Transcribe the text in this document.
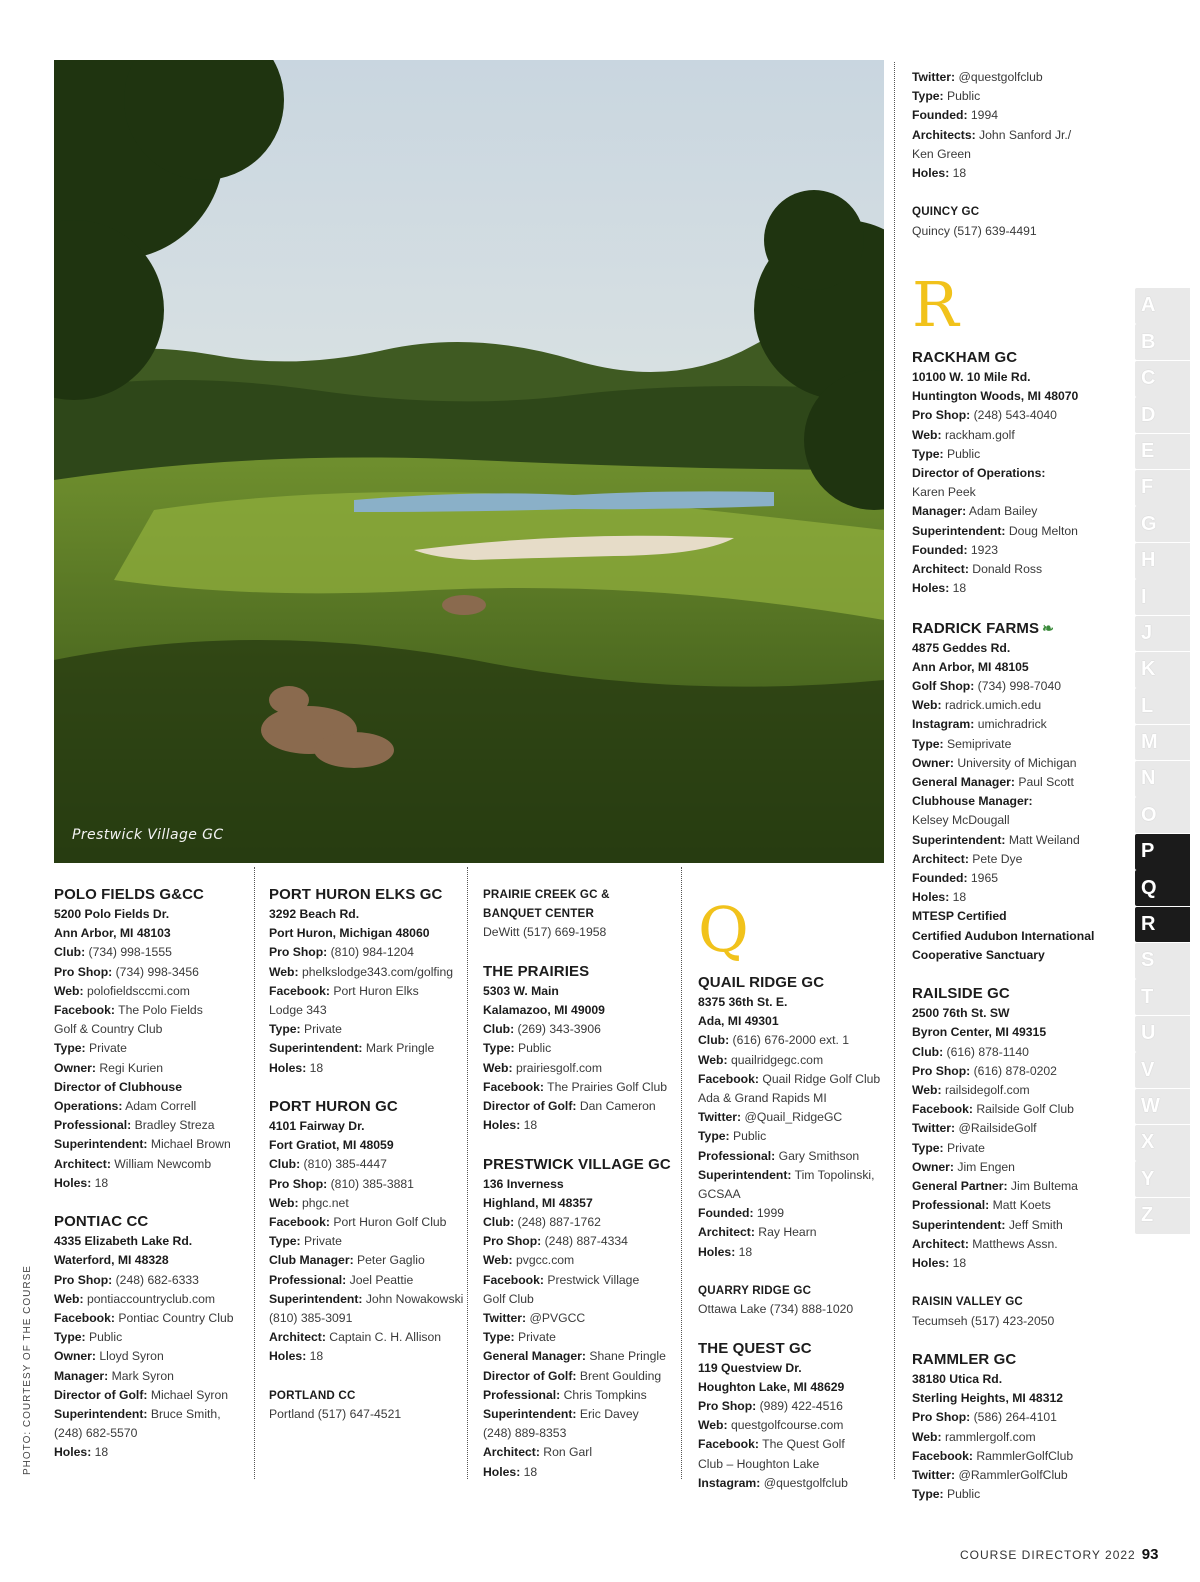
Prestwick Village GC
PHOTO: COURTESY OF THE COURSE
POLO FIELDS G&CC
5200 Polo Fields Dr.
Ann Arbor, MI 48103
Club: (734) 998-1555
Pro Shop: (734) 998-3456
Web: polofieldsccmi.com
Facebook: The Polo Fields
Golf & Country Club
Type: Private
Owner: Regi Kurien
Director of Clubhouse
Operations: Adam Correll
Professional: Bradley Streza
Superintendent: Michael Brown
Architect: William Newcomb
Holes: 18
PONTIAC CC
4335 Elizabeth Lake Rd.
Waterford, MI 48328
Pro Shop: (248) 682-6333
Web: pontiaccountryclub.com
Facebook: Pontiac Country Club
Type: Public
Owner: Lloyd Syron
Manager: Mark Syron
Director of Golf: Michael Syron
Superintendent: Bruce Smith,
(248) 682-5570
Holes: 18
PORT HURON ELKS GC
3292 Beach Rd.
Port Huron, Michigan 48060
Pro Shop: (810) 984-1204
Web: phelkslodge343.com/golfing
Facebook: Port Huron Elks
Lodge 343
Type: Private
Superintendent: Mark Pringle
Holes: 18
PORT HURON GC
4101 Fairway Dr.
Fort Gratiot, MI 48059
Club: (810) 385-4447
Pro Shop: (810) 385-3881
Web: phgc.net
Facebook: Port Huron Golf Club
Type: Private
Club Manager: Peter Gaglio
Professional: Joel Peattie
Superintendent: John Nowakowski
(810) 385-3091
Architect: Captain C. H. Allison
Holes: 18
PORTLAND CC
Portland (517) 647-4521
PRAIRIE CREEK GC &
BANQUET CENTER
DeWitt (517) 669-1958
THE PRAIRIES
5303 W. Main
Kalamazoo, MI 49009
Club: (269) 343-3906
Type: Public
Web: prairiesgolf.com
Facebook: The Prairies Golf Club
Director of Golf: Dan Cameron
Holes: 18
PRESTWICK VILLAGE GC
136 Inverness
Highland, MI 48357
Club: (248) 887-1762
Pro Shop: (248) 887-4334
Web: pvgcc.com
Facebook: Prestwick Village
Golf Club
Twitter: @PVGCC
Type: Private
General Manager: Shane Pringle
Director of Golf: Brent Goulding
Professional: Chris Tompkins
Superintendent: Eric Davey
(248) 889-8353
Architect: Ron Garl
Holes: 18
Q
QUAIL RIDGE GC
8375 36th St. E.
Ada, MI 49301
Club: (616) 676-2000 ext. 1
Web: quailridgegc.com
Facebook: Quail Ridge Golf Club
Ada & Grand Rapids MI
Twitter: @Quail_RidgeGC
Type: Public
Professional: Gary Smithson
Superintendent: Tim Topolinski,
GCSAA
Founded: 1999
Architect: Ray Hearn
Holes: 18
QUARRY RIDGE GC
Ottawa Lake (734) 888-1020
THE QUEST GC
119 Questview Dr.
Houghton Lake, MI 48629
Pro Shop: (989) 422-4516
Web: questgolfcourse.com
Facebook: The Quest Golf
Club – Houghton Lake
Instagram: @questgolfclub
Twitter: @questgolfclub
Type: Public
Founded: 1994
Architects: John Sanford Jr./
Ken Green
Holes: 18
QUINCY GC
Quincy (517) 639-4491
R
RACKHAM GC
10100 W. 10 Mile Rd.
Huntington Woods, MI 48070
Pro Shop: (248) 543-4040
Web: rackham.golf
Type: Public
Director of Operations:
Karen Peek
Manager: Adam Bailey
Superintendent: Doug Melton
Founded: 1923
Architect: Donald Ross
Holes: 18
RADRICK FARMS ❧
4875 Geddes Rd.
Ann Arbor, MI 48105
Golf Shop: (734) 998-7040
Web: radrick.umich.edu
Instagram: umichradrick
Type: Semiprivate
Owner: University of Michigan
General Manager: Paul Scott
Clubhouse Manager:
Kelsey McDougall
Superintendent: Matt Weiland
Architect: Pete Dye
Founded: 1965
Holes: 18
MTESP Certified
Certified Audubon International
Cooperative Sanctuary
RAILSIDE GC
2500 76th St. SW
Byron Center, MI 49315
Club: (616) 878-1140
Pro Shop: (616) 878-0202
Web: railsidegolf.com
Facebook: Railside Golf Club
Twitter: @RailsideGolf
Type: Private
Owner: Jim Engen
General Partner: Jim Bultema
Professional: Matt Koets
Superintendent: Jeff Smith
Architect: Matthews Assn.
Holes: 18
RAISIN VALLEY GC
Tecumseh (517) 423-2050
RAMMLER GC
38180 Utica Rd.
Sterling Heights, MI 48312
Pro Shop: (586) 264-4101
Web: rammlergolf.com
Facebook: RammlerGolfClub
Twitter: @RammlerGolfClub
Type: Public
A
B
C
D
E
F
G
H
I
J
K
L
M
N
O
P
Q
R
S
T
U
V
W
X
Y
Z
COURSE DIRECTORY 2022 93
